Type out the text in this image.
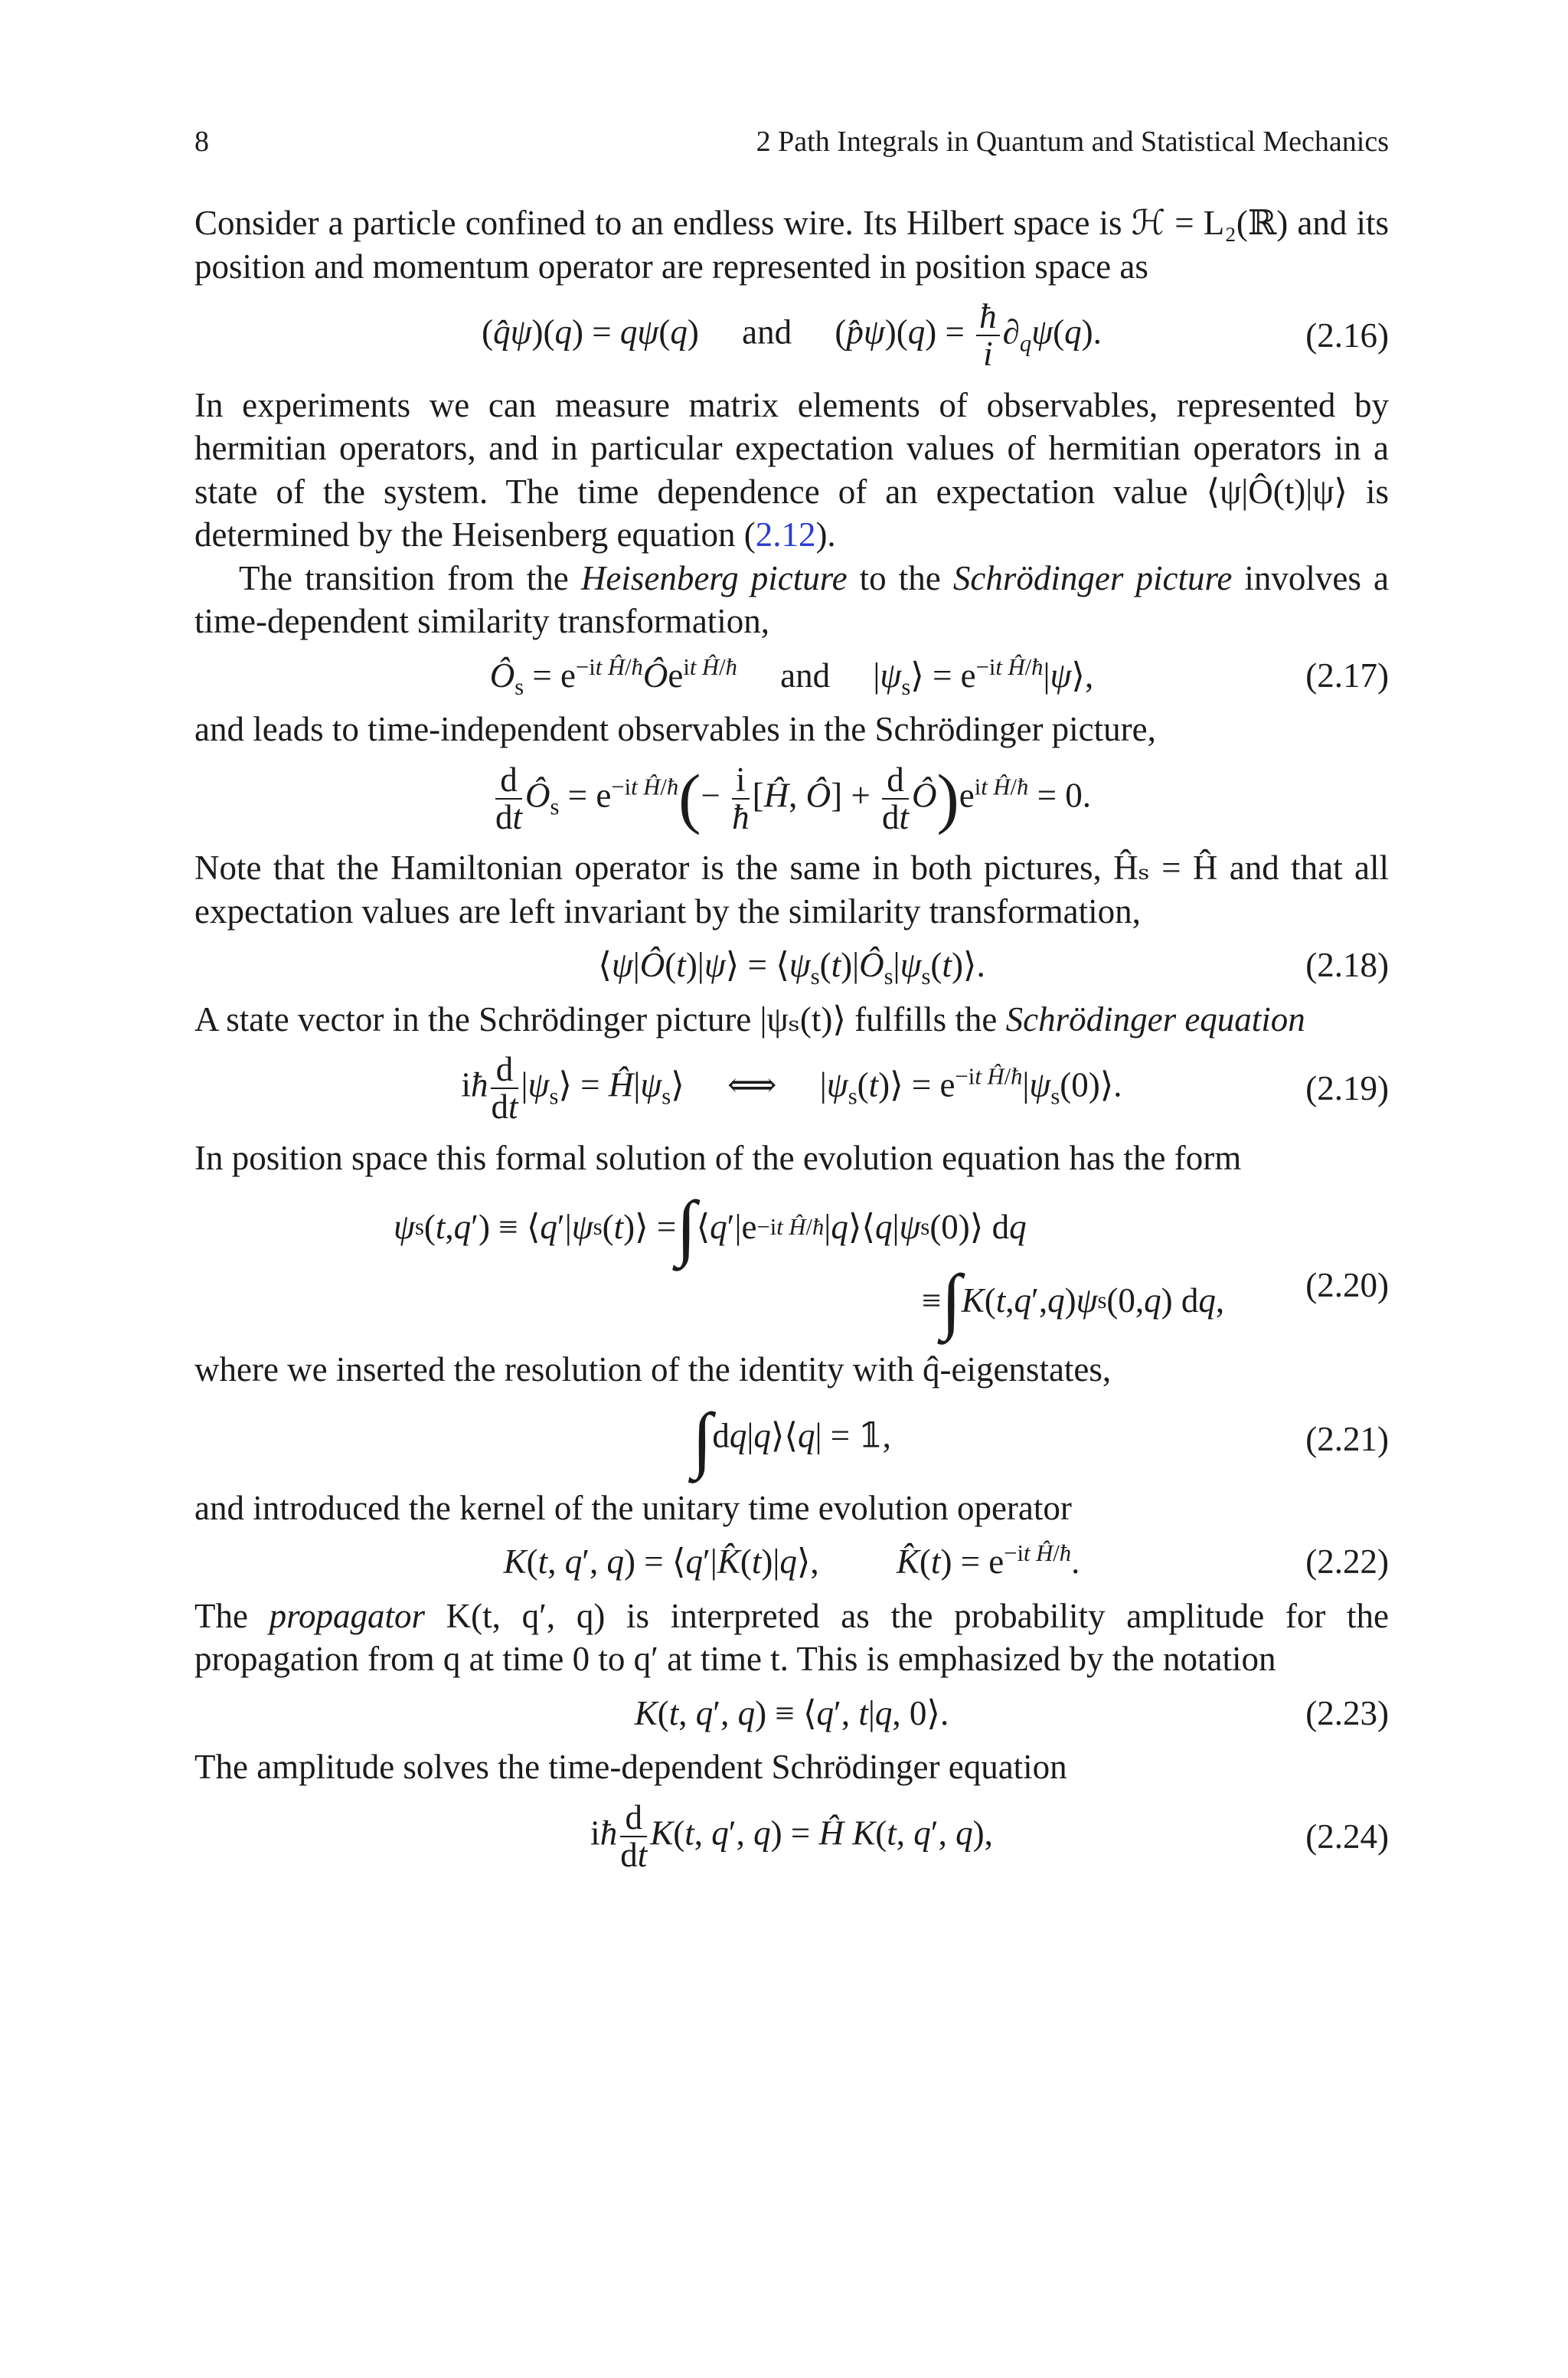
8	2 Path Integrals in Quantum and Statistical Mechanics

Consider a particle confined to an endless wire. Its Hilbert space is ℋ = L₂(ℝ) and its position and momentum operator are represented in position space as

(q̂ψ)(q) = qψ(q)     and     (p̂ψ)(q) = $\frac{ħ}{i} \partial_q\psi(q)$.	(2.16)

In experiments we can measure matrix elements of observables, represented by hermitian operators, and in particular expectation values of hermitian operators in a state of the system. The time dependence of an expectation value ⟨ψ|Ô(t)|ψ⟩ is determined by the Heisenberg equation (2.12).

The transition from the Heisenberg picture to the Schrödinger picture involves a time-dependent similarity transformation,

$Ô_s$ = $e^{-it Ĥ/ħ}Ôe^{it Ĥ/ħ}$     and     $|\psi_s⟩$ = $e^{-it Ĥ/ħ}|\psi⟩$,	(2.17)

and leads to time-independent observables in the Schrödinger picture,

$\frac{d}{dt}$ $Ô_s = e^{-it Ĥ/ħ}(- \frac{i}{ħ}$ [Ĥ, Ô] + $\frac{d}{dt}$ $Ô)e^{it Ĥ/ħ} = 0$.

Note that the Hamiltonian operator is the same in both pictures, Ĥₛ = Ĥ and that all expectation values are left invariant by the similarity transformation,

⟨ψ|Ô(t)|ψ⟩ = $⟨\psi_s(t)|Ô_s|\psi_s(t)⟩$.	(2.18)

A state vector in the Schrödinger picture |ψₛ(t)⟩ fulfills the Schrödinger equation

iħ $\frac{d}{dt}$ $|\psi_s⟩$ = $Ĥ|\psi_s⟩$     ⟺     $|\psi_s(t)⟩$ = $e^{-it Ĥ/ħ}|\psi_s(0)⟩$.	(2.19)

In position space this formal solution of the evolution equation has the form

ψ s ( t , q ′) ≡ ⟨ q ′| ψ s ( t )⟩ = ∫ ⟨ q ′|e −it Ĥ/ħ | q ⟩⟨ q | ψ s (0)⟩ d q
≡ ∫ K ( t , q ′, q ) ψ s (0, q ) d q ,	(2.20)

where we inserted the resolution of the identity with q̂-eigenstates,

∫dq|q⟩⟨q| = 𝟙,	(2.21)

and introduced the kernel of the unitary time evolution operator

K(t, q′, q) = ⟨q′|K̂(t)|q⟩,         K̂(t) = $e^{-it Ĥ/ħ}$.	(2.22)

The propagator K(t, q′, q) is interpreted as the probability amplitude for the propagation from q at time 0 to q′ at time t. This is emphasized by the notation

K(t, q′, q) ≡ ⟨q′, t|q, 0⟩.	(2.23)

The amplitude solves the time-dependent Schrödinger equation

iħ $\frac{d}{dt} K(t$, q′, q) = Ĥ K(t, q′, q),	(2.24)
